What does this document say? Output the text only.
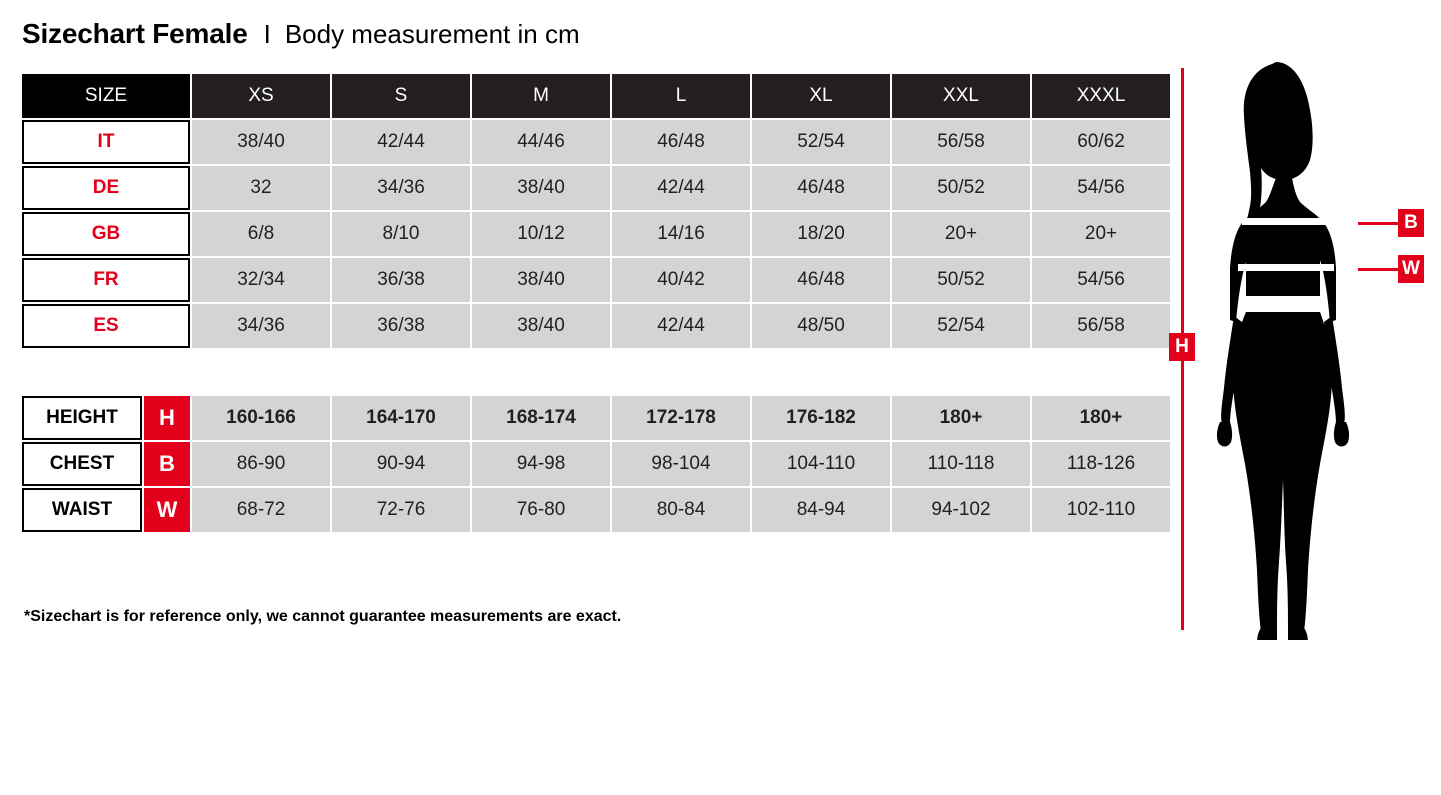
Sizechart Female I Body measurement in cm
SIZE	XS	S	M	L	XL	XXL	XXXL
IT	38/40	42/44	44/46	46/48	52/54	56/58	60/62
DE	32	34/36	38/40	42/44	46/48	50/52	54/56
GB	6/8	8/10	10/12	14/16	18/20	20+	20+
FR	32/34	36/38	38/40	40/42	46/48	50/52	54/56
ES	34/36	36/38	38/40	42/44	48/50	52/54	56/58

HEIGHT H	160-166	164-170	168-174	172-178	176-182	180+	180+

CHEST B	86-90	90-94	94-98	98-104	104-110	110-118	118-126

WAIST W	68-72	72-76	76-80	80-84	84-94	94-102	102-110
*Sizechart is for reference only, we cannot guarantee measurements are exact.
H
B
W
